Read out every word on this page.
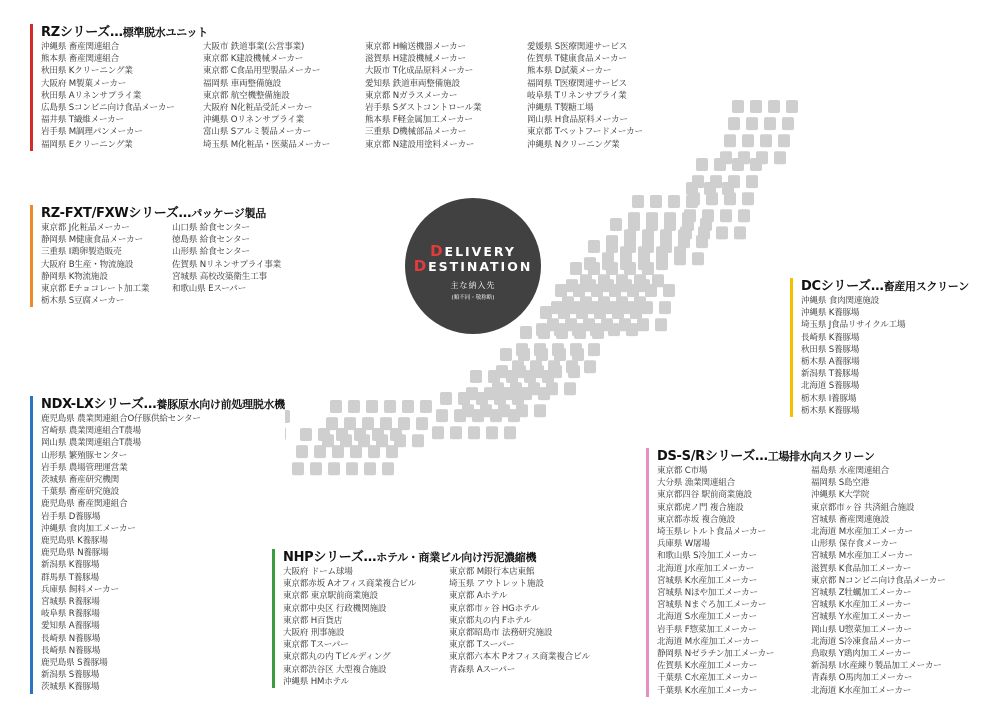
DELIVERY
DESTINATION
主な納入先
(順不同・敬称略)
RZシリーズ…標準脱水ユニット
沖縄県 畜産関連組合
熊本県 畜産関連組合
秋田県 Kクリーニング業
大阪府 M製菓メーカー
秋田県 Aリネンサプライ業
広島県 Sコンビニ向け食品メーカー
福井県 T繊維メーカー
岩手県 M調理パンメーカー
福岡県 Eクリーニング業
大阪市 鉄道事業(公営事業)
東京都 K建設機械メーカー
東京都 C食品用型製品メーカー
福岡県 車両整備施設
東京都 航空機整備施設
大阪府 N化粧品受託メーカー
沖縄県 Oリネンサプライ業
富山県 Sアルミ製品メーカー
埼玉県 M化粧品・医薬品メーカー
東京都 H輸送機器メーカー
滋賀県 H建設機械メーカー
大阪市 T化成品原料メーカー
愛知県 鉄道車両整備施設
東京都 Nガラスメーカー
岩手県 Sダストコントロール業
熊本県 F軽金属加工メーカー
三重県 D機械部品メーカー
東京都 N建設用塗料メーカー
愛媛県 S医療関連サービス
佐賀県 T健康食品メーカー
熊本県 D試薬メーカー
福岡県 T医療関連サービス
岐阜県 Tリネンサプライ業
沖縄県 T製糖工場
岡山県 H食品原料メーカー
東京都 Tペットフードメーカー
沖縄県 Nクリーニング業
RZ-FXT/FXWシリーズ…パッケージ製品
東京都 J化粧品メーカー
静岡県 M健康食品メーカー
三重県 I鶏卵製造販売
大阪府 B生産・物流施設
静岡県 K物流施設
東京都 Eチョコレート加工業
栃木県 S豆腐メーカー
山口県 給食センター
徳島県 給食センター
山形県 給食センター
佐賀県 Nリネンサプライ事業
宮城県 高校改築衛生工事
和歌山県 Eスーパー
NDX-LXシリーズ…養豚原水向け前処理脱水機
鹿児島県 農業関連組合O仔豚供給センター
宮崎県 農業関連組合T農場
岡山県 農業関連組合T農場
山形県 繁殖豚センター
岩手県 農場管理運営業
茨城県 畜産研究機関
千葉県 畜産研究施設
鹿児島県 畜産関連組合
岩手県 D養豚場
沖縄県 食肉加工メーカー
鹿児島県 K養豚場
鹿児島県 N養豚場
新潟県 K養豚場
群馬県 T養豚場
兵庫県 飼料メーカー
宮城県 R養豚場
岐阜県 R養豚場
愛知県 A養豚場
長崎県 N養豚場
長崎県 N養豚場
鹿児島県 S養豚場
新潟県 S養豚場
茨城県 K養豚場
NHPシリーズ…ホテル・商業ビル向け汚泥濃縮機
大阪府 ドーム球場
東京都赤坂 Aオフィス商業複合ビル
東京都 東京駅前商業施設
東京都中央区 行政機関施設
東京都 H百貨店
大阪府 刑事施設
東京都 Tスーパー
東京都丸の内 Tビルディング
東京都渋谷区 大型複合施設
沖縄県 HMホテル
東京都 M銀行本店東館
埼玉県 アウトレット施設
東京都 Aホテル
東京都市ヶ谷 HGホテル
東京都丸の内 Fホテル
東京都昭島市 法務研究施設
東京都 Tスーパー
東京都六本木 Pオフィス商業複合ビル
青森県 Aスーパー
DCシリーズ…畜産用スクリーン
沖縄県 食肉関連施設
沖縄県 K養豚場
埼玉県 J食品リサイクル工場
長崎県 K養豚場
秋田県 S養豚場
栃木県 A養豚場
新潟県 T養豚場
北海道 S養豚場
栃木県 I養豚場
栃木県 K養豚場
DS-S/Rシリーズ…工場排水向スクリーン
東京都 C市場
大分県 漁業関連組合
東京都四谷 駅前商業施設
東京都虎ノ門 複合施設
東京都赤坂 複合施設
埼玉県レトルト食品メーカー
兵庫県 W屠場
和歌山県 S冷加工メーカー
北海道 J水産加工メーカー
宮城県 K水産加工メーカー
宮城県 Nほや加工メーカー
宮城県 Nまぐろ加工メーカー
北海道 S水産加工メーカー
岩手県 F惣菜加工メーカー
北海道 M水産加工メーカー
静岡県 Nゼラチン加工メーカー
佐賀県 K水産加工メーカー
千葉県 C水産加工メーカー
千葉県 K水産加工メーカー
福島県 水産関連組合
福岡県 S島空港
沖縄県 K大学院
東京都市ヶ谷 共済組合施設
宮城県 畜産関連施設
北海道 M水産加工メーカー
山形県 保存食メーカー
宮城県 M水産加工メーカー
滋賀県 K食品加工メーカー
東京都 Nコンビニ向け食品メーカー
宮城県 Z牡蠣加工メーカー
宮城県 K水産加工メーカー
宮城県 Y水産加工メーカー
岡山県 U惣菜加工メーカー
北海道 S冷凍食品メーカー
鳥取県 Y鶏肉加工メーカー
新潟県 I水産練り製品加工メーカー
青森県 O馬肉加工メーカー
北海道 K水産加工メーカー
